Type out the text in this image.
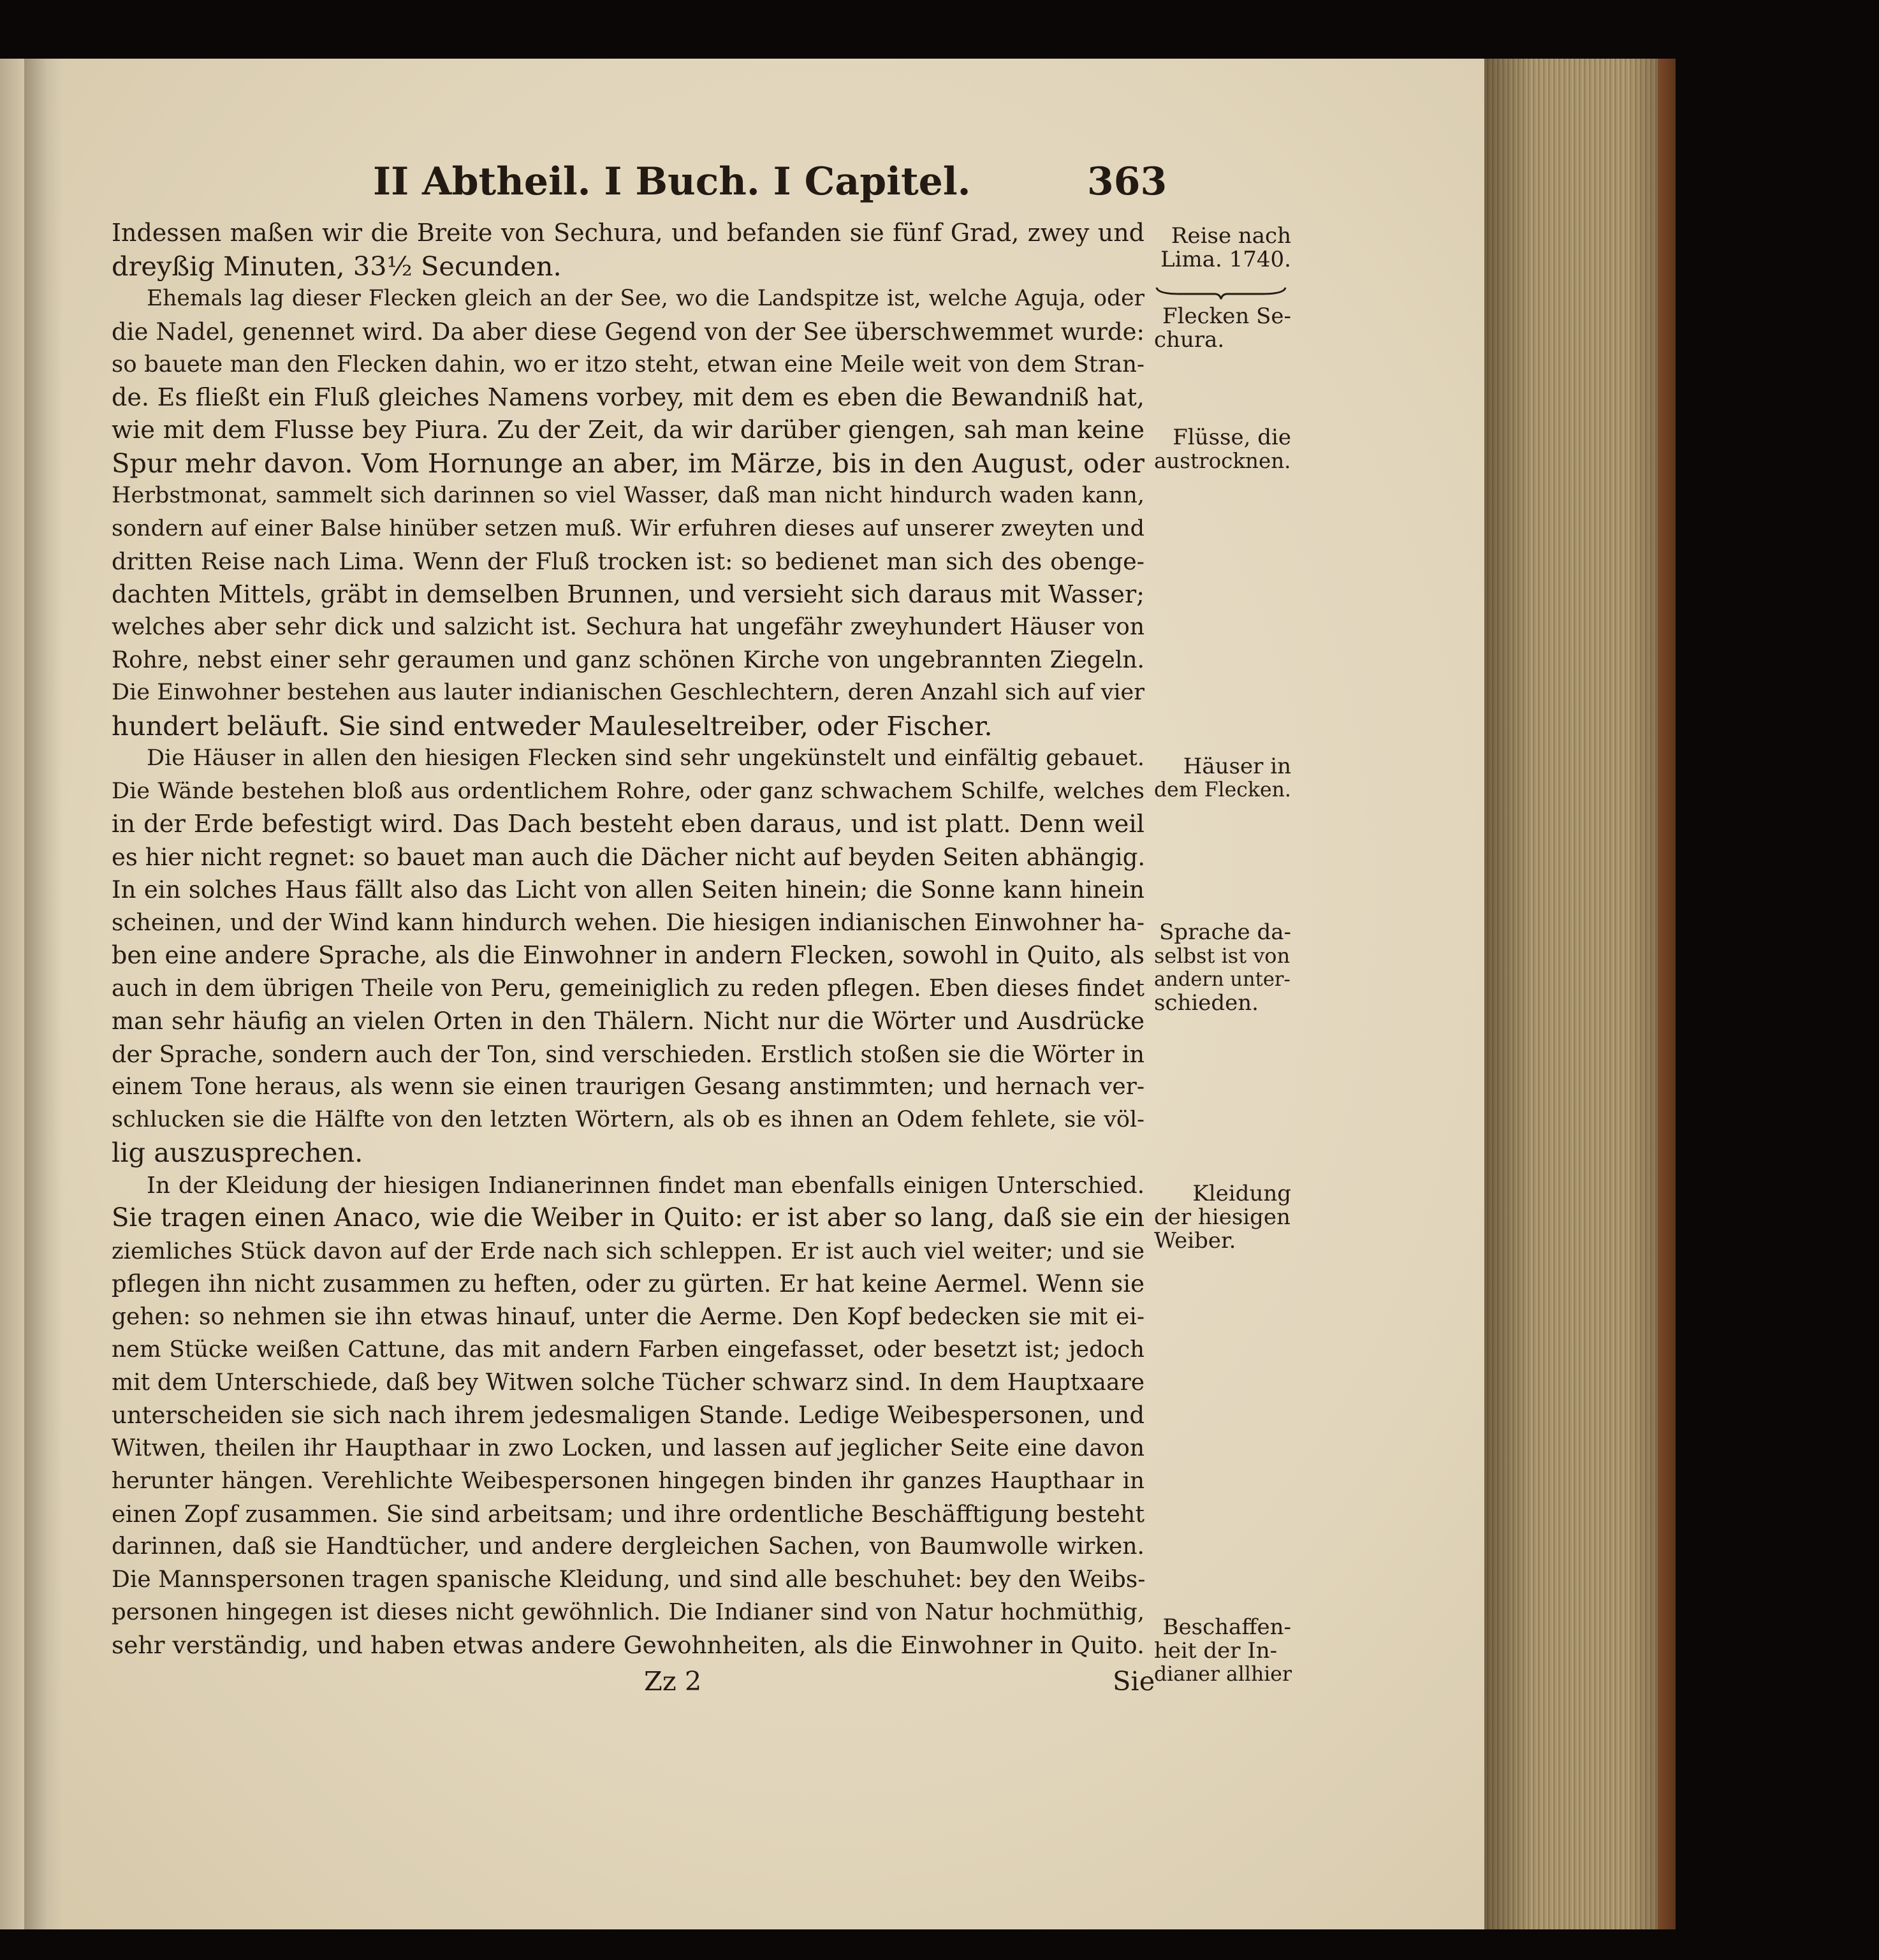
II Abtheil. I Buch. I Capitel.	363
Indessen maßen wir die Breite von Sechura, und befanden sie fünf Grad, zwey und
dreyßig Minuten, 33½ Secunden.
Ehemals lag dieser Flecken gleich an der See, wo die Landspitze ist, welche Aguja, oder
die Nadel, genennet wird. Da aber diese Gegend von der See überschwemmet wurde:
so bauete man den Flecken dahin, wo er itzo steht, etwan eine Meile weit von dem Stran-
de. Es fließt ein Fluß gleiches Namens vorbey, mit dem es eben die Bewandniß hat,
wie mit dem Flusse bey Piura. Zu der Zeit, da wir darüber giengen, sah man keine
Spur mehr davon. Vom Hornunge an aber, im Märze, bis in den August, oder
Herbstmonat, sammelt sich darinnen so viel Wasser, daß man nicht hindurch waden kann,
sondern auf einer Balse hinüber setzen muß. Wir erfuhren dieses auf unserer zweyten und
dritten Reise nach Lima. Wenn der Fluß trocken ist: so bedienet man sich des obenge-
dachten Mittels, gräbt in demselben Brunnen, und versieht sich daraus mit Wasser;
welches aber sehr dick und salzicht ist. Sechura hat ungefähr zweyhundert Häuser von
Rohre, nebst einer sehr geraumen und ganz schönen Kirche von ungebrannten Ziegeln.
Die Einwohner bestehen aus lauter indianischen Geschlechtern, deren Anzahl sich auf vier
hundert beläuft. Sie sind entweder Mauleseltreiber, oder Fischer.
Die Häuser in allen den hiesigen Flecken sind sehr ungekünstelt und einfältig gebauet.
Die Wände bestehen bloß aus ordentlichem Rohre, oder ganz schwachem Schilfe, welches
in der Erde befestigt wird. Das Dach besteht eben daraus, und ist platt. Denn weil
es hier nicht regnet: so bauet man auch die Dächer nicht auf beyden Seiten abhängig.
In ein solches Haus fällt also das Licht von allen Seiten hinein; die Sonne kann hinein
scheinen, und der Wind kann hindurch wehen. Die hiesigen indianischen Einwohner ha-
ben eine andere Sprache, als die Einwohner in andern Flecken, sowohl in Quito, als
auch in dem übrigen Theile von Peru, gemeiniglich zu reden pflegen. Eben dieses findet
man sehr häufig an vielen Orten in den Thälern. Nicht nur die Wörter und Ausdrücke
der Sprache, sondern auch der Ton, sind verschieden. Erstlich stoßen sie die Wörter in
einem Tone heraus, als wenn sie einen traurigen Gesang anstimmten; und hernach ver-
schlucken sie die Hälfte von den letzten Wörtern, als ob es ihnen an Odem fehlete, sie völ-
lig auszusprechen.
In der Kleidung der hiesigen Indianerinnen findet man ebenfalls einigen Unterschied.
Sie tragen einen Anaco, wie die Weiber in Quito: er ist aber so lang, daß sie ein
ziemliches Stück davon auf der Erde nach sich schleppen. Er ist auch viel weiter; und sie
pflegen ihn nicht zusammen zu heften, oder zu gürten. Er hat keine Aermel. Wenn sie
gehen: so nehmen sie ihn etwas hinauf, unter die Aerme. Den Kopf bedecken sie mit ei-
nem Stücke weißen Cattune, das mit andern Farben eingefasset, oder besetzt ist; jedoch
mit dem Unterschiede, daß bey Witwen solche Tücher schwarz sind. In dem Hauptхaare
unterscheiden sie sich nach ihrem jedesmaligen Stande. Ledige Weibespersonen, und
Witwen, theilen ihr Haupthaar in zwo Locken, und lassen auf jeglicher Seite eine davon
herunter hängen. Verehlichte Weibespersonen hingegen binden ihr ganzes Haupthaar in
einen Zopf zusammen. Sie sind arbeitsam; und ihre ordentliche Beschäfftigung besteht
darinnen, daß sie Handtücher, und andere dergleichen Sachen, von Baumwolle wirken.
Die Mannspersonen tragen spanische Kleidung, und sind alle beschuhet: bey den Weibs-
personen hingegen ist dieses nicht gewöhnlich. Die Indianer sind von Natur hochmüthig,
sehr verständig, und haben etwas andere Gewohnheiten, als die Einwohner in Quito.
Reise nach
Lima. 1740.
Flecken Se-
chura.
Flüsse, die
austrocknen.
Häuser in
dem Flecken.
Sprache da-
selbst ist von
andern unter-
schieden.
Kleidung
der hiesigen
Weiber.
Beschaffen-
heit der In-
dianer allhier
Zz 2	Sie
